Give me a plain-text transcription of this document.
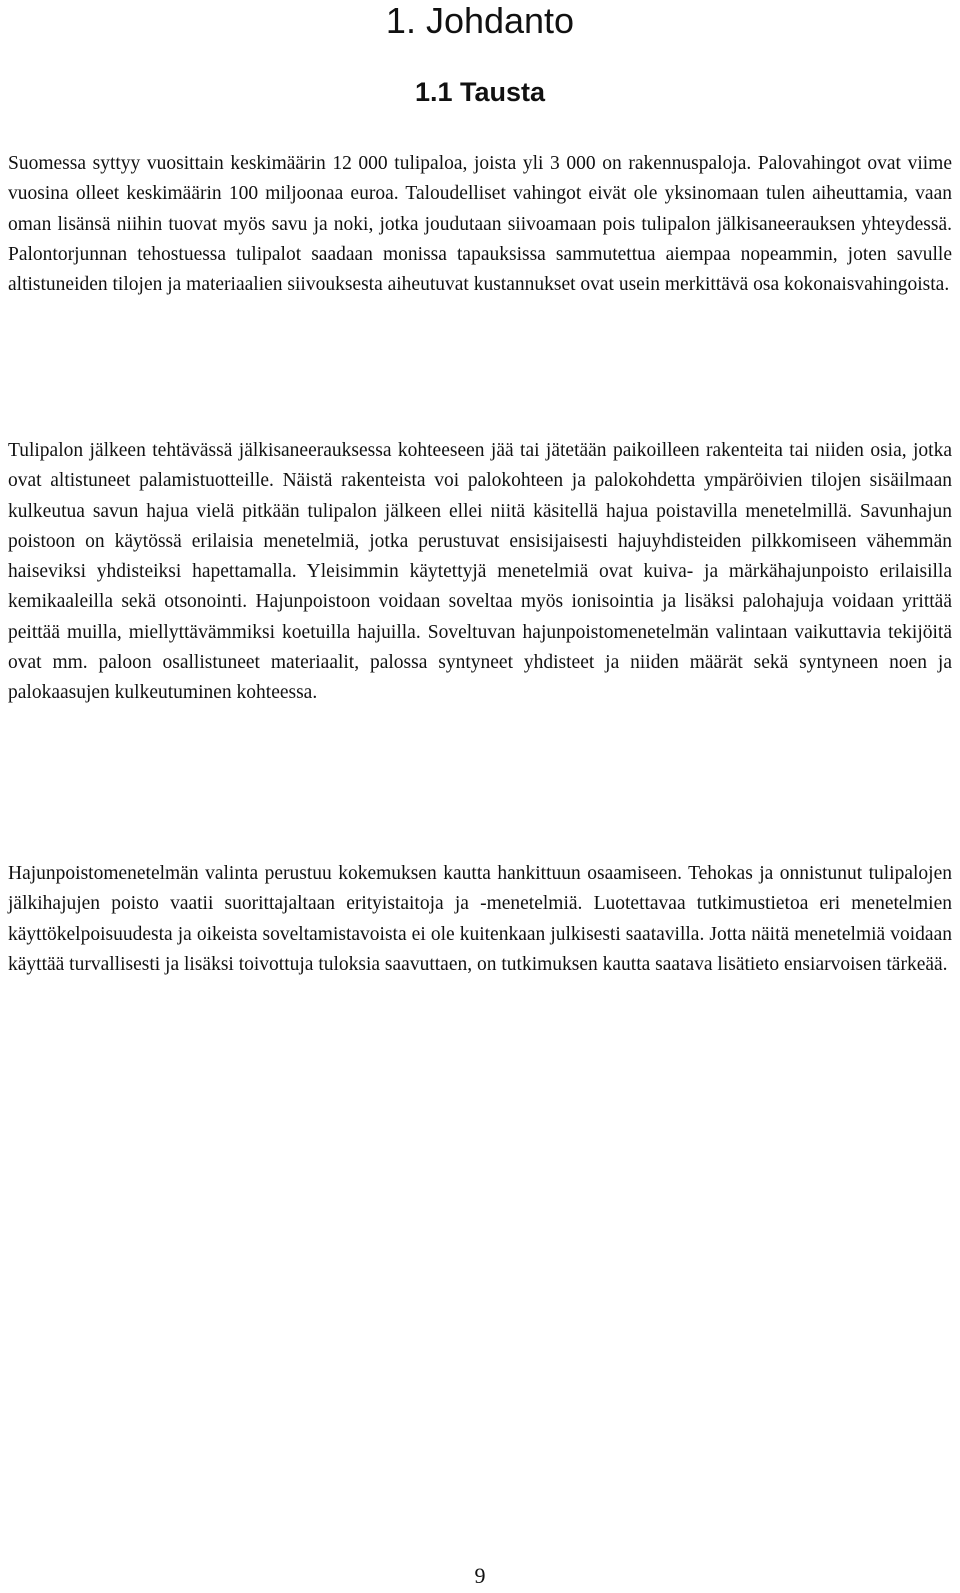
1. Johdanto
1.1 Tausta

Suomessa syttyy vuosittain keskimäärin 12 000 tulipaloa, joista yli 3 000 on rakennuspaloja. Palovahingot ovat viime vuosina olleet keskimäärin 100 miljoonaa euroa. Taloudelliset vahingot eivät ole yksinomaan tulen aiheuttamia, vaan oman lisänsä niihin tuovat myös savu ja noki, jotka joudutaan siivoamaan pois tulipalon jälkisaneerauksen yhteydessä. Palontorjunnan tehostuessa tulipalot saadaan monissa tapauksissa sammutettua aiempaa nopeammin, joten savulle altistuneiden tilojen ja materiaalien siivouksesta aiheutuvat kustannukset ovat usein merkittävä osa kokonaisvahingoista.

Tulipalon jälkeen tehtävässä jälkisaneerauksessa kohteeseen jää tai jätetään paikoilleen rakenteita tai niiden osia, jotka ovat altistuneet palamistuotteille. Näistä rakenteista voi palokohteen ja palokohdetta ympäröivien tilojen sisäilmaan kulkeutua savun hajua vielä pitkään tulipalon jälkeen ellei niitä käsitellä hajua poistavilla menetelmillä. Savunhajun poistoon on käytössä erilaisia menetelmiä, jotka perustuvat ensisijaisesti hajuyhdisteiden pilkkomiseen vähemmän haiseviksi yhdisteiksi hapettamalla. Yleisimmin käytettyjä menetelmiä ovat kuiva- ja märkähajunpoisto erilaisilla kemikaaleilla sekä otsonointi. Hajunpoistoon voidaan soveltaa myös ionisointia ja lisäksi palohajuja voidaan yrittää peittää muilla, miellyttävämmiksi koetuilla hajuilla. Soveltuvan hajunpoistomenetelmän valintaan vaikuttavia tekijöitä ovat mm. paloon osallistuneet materiaalit, palossa syntyneet yhdisteet ja niiden määrät sekä syntyneen noen ja palokaasujen kulkeutuminen kohteessa.

Hajunpoistomenetelmän valinta perustuu kokemuksen kautta hankittuun osaamiseen. Tehokas ja onnistunut tulipalojen jälkihajujen poisto vaatii suorittajaltaan erityistaitoja ja -menetelmiä. Luotettavaa tutkimustietoa eri menetelmien käyttökelpoisuudesta ja oikeista soveltamistavoista ei ole kuitenkaan julkisesti saatavilla. Jotta näitä menetelmiä voidaan käyttää turvallisesti ja lisäksi toivottuja tuloksia saavuttaen, on tutkimuksen kautta saatava lisätieto ensiarvoisen tärkeää.

9
